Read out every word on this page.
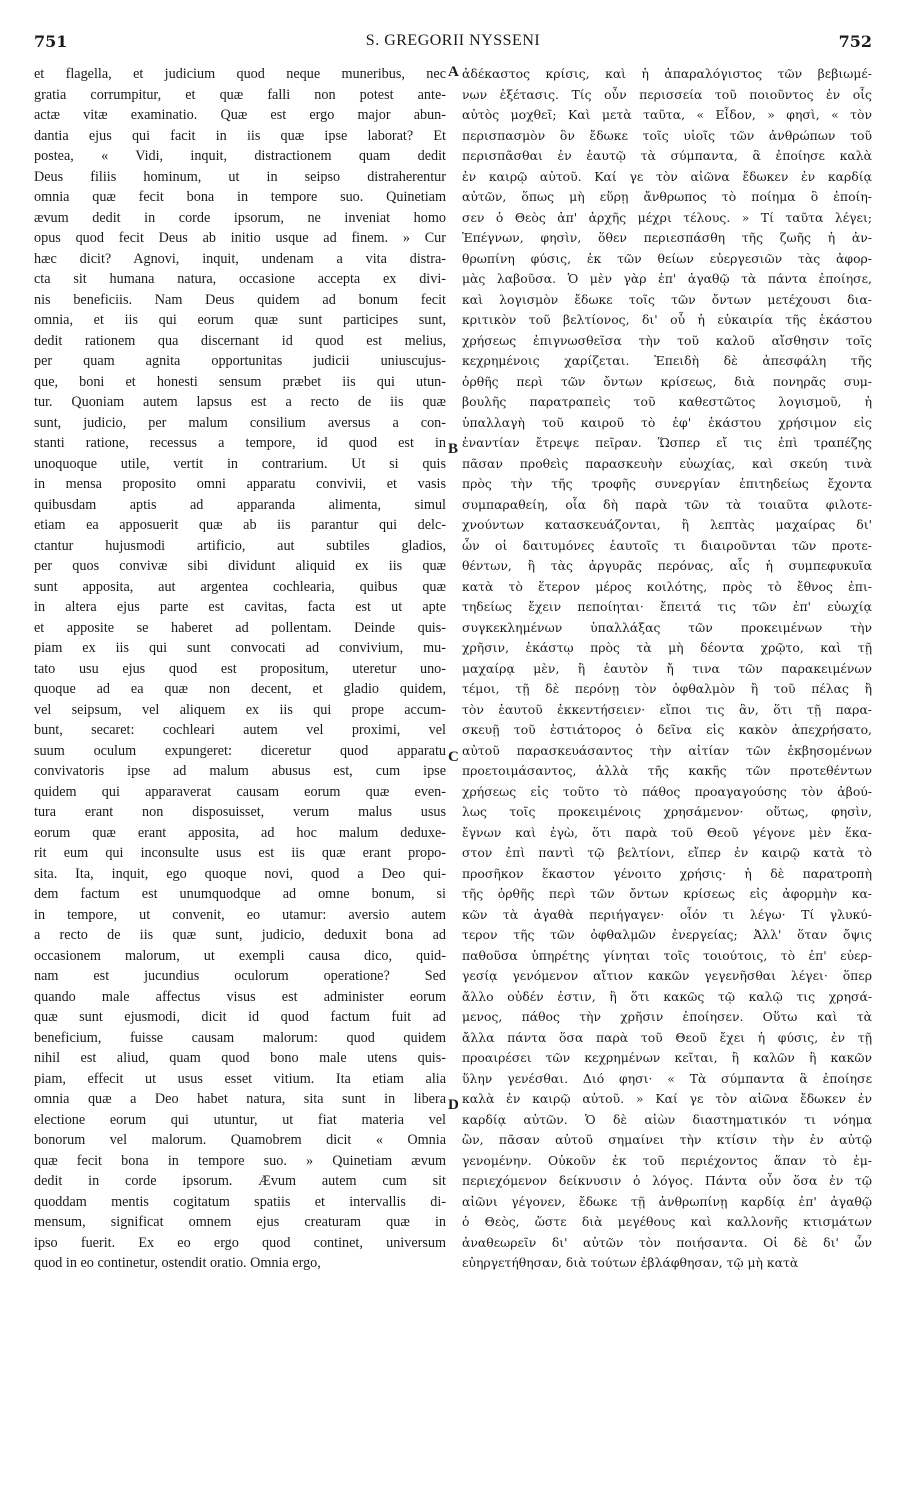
751	S. GREGORII NYSSENI	752
et flagella, et judicium quod neque muneribus, nec
gratia corrumpitur, et quæ falli non potest ante-
actæ vitæ examinatio. Quæ est ergo major abun-
dantia ejus qui facit in iis quæ ipse laborat? Et
postea, « Vidi, inquit, distractionem quam dedit
Deus filiis hominum, ut in seipso distraherentur
omnia quæ fecit bona in tempore suo. Quinetiam
ævum dedit in corde ipsorum, ne inveniat homo
opus quod fecit Deus ab initio usque ad finem. » Cur
hæc dicit? Agnovi, inquit, undenam a vita distra-
cta sit humana natura, occasione accepta ex divi-
nis beneficiis. Nam Deus quidem ad bonum fecit
omnia, et iis qui eorum quæ sunt participes sunt,
dedit rationem qua discernant id quod est melius,
per quam agnita opportunitas judicii uniuscujus-
que, boni et honesti sensum præbet iis qui utun-
tur. Quoniam autem lapsus est a recto de iis quæ
sunt, judicio, per malum consilium aversus a con-
stanti ratione, recessus a tempore, id quod est in
unoquoque utile, vertit in contrarium. Ut si quis
in mensa proposito omni apparatu convivii, et vasis
quibusdam aptis ad apparanda alimenta, simul
etiam ea apposuerit quæ ab iis parantur qui delc-
ctantur hujusmodi artificio, aut subtiles gladios,
per quos convivæ sibi dividunt aliquid ex iis quæ
sunt apposita, aut argentea cochlearia, quibus quæ
in altera ejus parte est cavitas, facta est ut apte
et apposite se haberet ad pollentam. Deinde quis-
piam ex iis qui sunt convocati ad convivium, mu-
tato usu ejus quod est propositum, uteretur uno-
quoque ad ea quæ non decent, et gladio quidem,
vel seipsum, vel aliquem ex iis qui prope accum-
bunt, secaret: cochleari autem vel proximi, vel
suum oculum expungeret: diceretur quod apparatu
convivatoris ipse ad malum abusus est, cum ipse
quidem qui apparaverat causam eorum quæ even-
tura erant non disposuisset, verum malus usus
eorum quæ erant apposita, ad hoc malum deduxe-
rit eum qui inconsulte usus est iis quæ erant propo-
sita. Ita, inquit, ego quoque novi, quod a Deo qui-
dem factum est unumquodque ad omne bonum, si
in tempore, ut convenit, eo utamur: aversio autem
a recto de iis quæ sunt, judicio, deduxit bona ad
occasionem malorum, ut exempli causa dico, quid-
nam est jucundius oculorum operatione? Sed
quando male affectus visus est administer eorum
quæ sunt ejusmodi, dicit id quod factum fuit ad
beneficium, fuisse causam malorum: quod quidem
nihil est aliud, quam quod bono male utens quis-
piam, effecit ut usus esset vitium. Ita etiam alia
omnia quæ a Deo habet natura, sita sunt in libera
electione eorum qui utuntur, ut fiat materia vel
bonorum vel malorum. Quamobrem dicit « Omnia
quæ fecit bona in tempore suo. » Quinetiam ævum
dedit in corde ipsorum. Ævum autem cum sit
quoddam mentis cogitatum spatiis et intervallis di-
mensum, significat omnem ejus creaturam quæ in
ipso fuerit. Ex eo ergo quod continet, universum
quod in eo continetur, ostendit oratio. Omnia ergo,
ἀδέκαστος κρίσις, καὶ ἡ ἀπαραλόγιστος τῶν βεβιωμέ-
νων ἐξέτασις. Τίς οὖν περισσεία τοῦ ποιοῦντος ἐν οἷς
αὐτὸς μοχθεῖ; Καὶ μετὰ ταῦτα, « Εἶδον, » φησὶ, « τὸν
περισπασμὸν ὃν ἔδωκε τοῖς υἱοῖς τῶν ἀνθρώπων τοῦ
περισπᾶσθαι ἐν ἑαυτῷ τὰ σύμπαντα, ἃ ἐποίησε καλὰ
ἐν καιρῷ αὐτοῦ. Καί γε τὸν αἰῶνα ἔδωκεν ἐν καρδίᾳ
αὐτῶν, ὅπως μὴ εὕρῃ ἄνθρωπος τὸ ποίημα ὃ ἐποίη-
σεν ὁ Θεὸς ἀπ' ἀρχῆς μέχρι τέλους. » Τί ταῦτα λέγει;
Ἐπέγνων, φησὶν, ὅθεν περιεσπάσθη τῆς ζωῆς ἡ ἀν-
θρωπίνη φύσις, ἐκ τῶν θείων εὐεργεσιῶν τὰς ἀφορ-
μὰς λαβοῦσα. Ὁ μὲν γὰρ ἐπ' ἀγαθῷ τὰ πάντα ἐποίησε,
καὶ λογισμὸν ἔδωκε τοῖς τῶν ὄντων μετέχουσι δια-
κριτικὸν τοῦ βελτίονος, δι' οὗ ἡ εὐκαιρία τῆς ἑκάστου
χρήσεως ἐπιγνωσθεῖσα τὴν τοῦ καλοῦ αἴσθησιν τοῖς
κεχρημένοις χαρίζεται. Ἐπειδὴ δὲ ἀπεσφάλη τῆς
ὀρθῆς περὶ τῶν ὄντων κρίσεως, διὰ πονηρᾶς συμ-
βουλῆς παρατραπεὶς τοῦ καθεστῶτος λογισμοῦ, ἡ
ὑπαλλαγὴ τοῦ καιροῦ τὸ ἐφ' ἑκάστου χρήσιμον εἰς
ἐναντίαν ἔτρεψε πεῖραν. Ὥσπερ εἴ τις ἐπὶ τραπέζης
πᾶσαν προθεὶς παρασκευὴν εὐωχίας, καὶ σκεύη τινὰ
πρὸς τὴν τῆς τροφῆς συνεργίαν ἐπιτηδείως ἔχοντα
συμπαραθείη, οἷα δὴ παρὰ τῶν τὰ τοιαῦτα φιλοτε-
χνούντων κατασκευάζονται, ἢ λεπτὰς μαχαίρας δι'
ὧν οἱ δαιτυμόνες ἑαυτοῖς τι διαιροῦνται τῶν προτε-
θέντων, ἢ τὰς ἀργυρᾶς περόνας, αἷς ἡ συμπεφυκυῖα
κατὰ τὸ ἕτερον μέρος κοιλότης, πρὸς τὸ ἔθνος ἐπι-
τηδείως ἔχειν πεποίηται· ἔπειτά τις τῶν ἐπ' εὐωχίᾳ
συγκεκλημένων ὑπαλλάξας τῶν προκειμένων τὴν
χρῆσιν, ἑκάστῳ πρὸς τὰ μὴ δέοντα χρῷτο, καὶ τῇ
μαχαίρᾳ μὲν, ἢ ἑαυτὸν ἤ τινα τῶν παρακειμένων
τέμοι, τῇ δὲ περόνῃ τὸν ὀφθαλμὸν ἢ τοῦ πέλας ἢ
τὸν ἑαυτοῦ ἐκκεντήσειεν· εἴποι τις ἂν, ὅτι τῇ παρα-
σκευῇ τοῦ ἑστιάτορος ὁ δεῖνα εἰς κακὸν ἀπεχρήσατο,
αὐτοῦ παρασκευάσαντος τὴν αἰτίαν τῶν ἐκβησομένων
προετοιμάσαντος, ἀλλὰ τῆς κακῆς τῶν προτεθέντων
χρήσεως εἰς τοῦτο τὸ πάθος προαγαγούσης τὸν ἀβού-
λως τοῖς προκειμένοις χρησάμενον· οὕτως, φησὶν,
ἔγνων καὶ ἐγὼ, ὅτι παρὰ τοῦ Θεοῦ γέγονε μὲν ἕκα-
στον ἐπὶ παντὶ τῷ βελτίονι, εἴπερ ἐν καιρῷ κατὰ τὸ
προσῆκον ἕκαστον γένοιτο χρήσις· ἡ δὲ παρατροπὴ
τῆς ὀρθῆς περὶ τῶν ὄντων κρίσεως εἰς ἀφορμὴν κα-
κῶν τὰ ἀγαθὰ περιήγαγεν· οἷόν τι λέγω· Τί γλυκύ-
τερον τῆς τῶν ὀφθαλμῶν ἐνεργείας; Ἀλλ' ὅταν ὄψις
παθοῦσα ὑπηρέτης γίνηται τοῖς τοιούτοις, τὸ ἐπ' εὐερ-
γεσίᾳ γενόμενον αἴτιον κακῶν γεγενῆσθαι λέγει· ὅπερ
ἄλλο οὐδέν ἐστιν, ἢ ὅτι κακῶς τῷ καλῷ τις χρησά-
μενος, πάθος τὴν χρῆσιν ἐποίησεν. Οὕτω καὶ τὰ
ἄλλα πάντα ὅσα παρὰ τοῦ Θεοῦ ἔχει ἡ φύσις, ἐν τῇ
προαιρέσει τῶν κεχρημένων κεῖται, ἢ καλῶν ἢ κακῶν
ὕλην γενέσθαι. Διό φησι· « Τὰ σύμπαντα ἃ ἐποίησε
καλὰ ἐν καιρῷ αὐτοῦ. » Καί γε τὸν αἰῶνα ἔδωκεν ἐν
καρδίᾳ αὐτῶν. Ὁ δὲ αἰὼν διαστηματικόν τι νόημα
ὢν, πᾶσαν αὐτοῦ σημαίνει τὴν κτίσιν τὴν ἐν αὐτῷ
γενομένην. Οὐκοῦν ἐκ τοῦ περιέχοντος ἅπαν τὸ ἐμ-
περιεχόμενον δείκνυσιν ὁ λόγος. Πάντα οὖν ὅσα ἐν τῷ
αἰῶνι γέγονεν, ἔδωκε τῇ ἀνθρωπίνῃ καρδίᾳ ἐπ' ἀγαθῷ
ὁ Θεὸς, ὥστε διὰ μεγέθους καὶ καλλονῆς κτισμάτων
ἀναθεωρεῖν δι' αὐτῶν τὸν ποιήσαντα. Οἱ δὲ δι' ὧν
εὐηργετήθησαν, διὰ τούτων ἐβλάφθησαν, τῷ μὴ κατὰ
A
B
C
D
